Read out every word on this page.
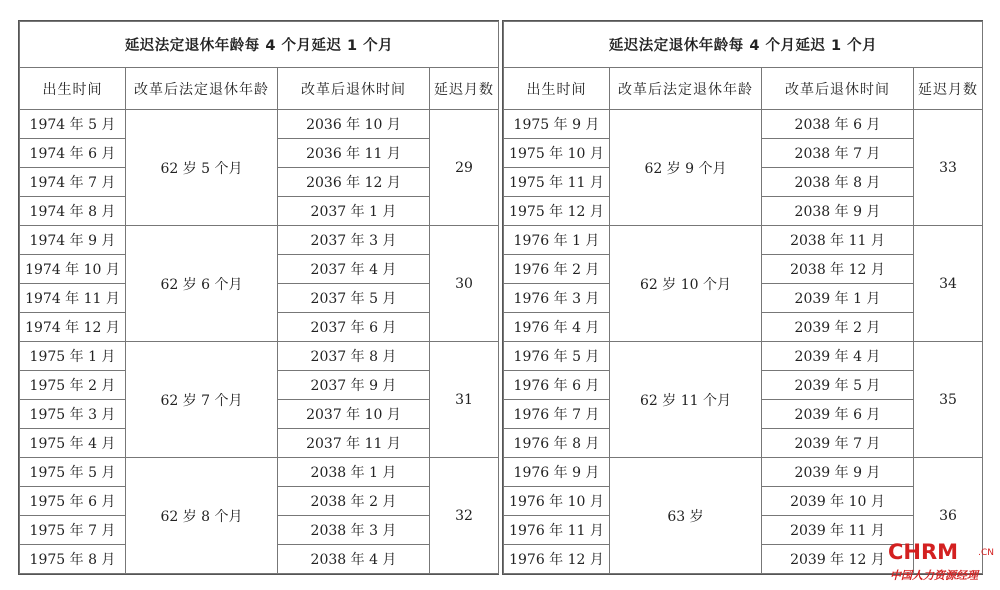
延迟法定退休年龄每 4 个月延迟 1 个月			
出生时间	改革后法定退休年龄	改革后退休时间	延迟月数
1974 年 5 月	62 岁 5 个月	2036 年 10 月	29
1974 年 6 月		2036 年 11 月	
1974 年 7 月		2036 年 12 月	
1974 年 8 月		2037 年 1 月	
1974 年 9 月	62 岁 6 个月	2037 年 3 月	30
1974 年 10 月		2037 年 4 月	
1974 年 11 月		2037 年 5 月	
1974 年 12 月		2037 年 6 月	
1975 年 1 月	62 岁 7 个月	2037 年 8 月	31
1975 年 2 月		2037 年 9 月	
1975 年 3 月		2037 年 10 月	
1975 年 4 月		2037 年 11 月	
1975 年 5 月	62 岁 8 个月	2038 年 1 月	32
1975 年 6 月		2038 年 2 月	
1975 年 7 月		2038 年 3 月	
1975 年 8 月		2038 年 4 月	
延迟法定退休年龄每 4 个月延迟 1 个月			
出生时间	改革后法定退休年龄	改革后退休时间	延迟月数
1975 年 9 月	62 岁 9 个月	2038 年 6 月	33
1975 年 10 月		2038 年 7 月	
1975 年 11 月		2038 年 8 月	
1975 年 12 月		2038 年 9 月	
1976 年 1 月	62 岁 10 个月	2038 年 11 月	34
1976 年 2 月		2038 年 12 月	
1976 年 3 月		2039 年 1 月	
1976 年 4 月		2039 年 2 月	
1976 年 5 月	62 岁 11 个月	2039 年 4 月	35
1976 年 6 月		2039 年 5 月	
1976 年 7 月		2039 年 6 月	
1976 年 8 月		2039 年 7 月	
1976 年 9 月	63 岁	2039 年 9 月	36
1976 年 10 月		2039 年 10 月	
1976 年 11 月		2039 年 11 月	
1976 年 12 月		2039 年 12 月	CHRM .CN
中国人力资源经理
